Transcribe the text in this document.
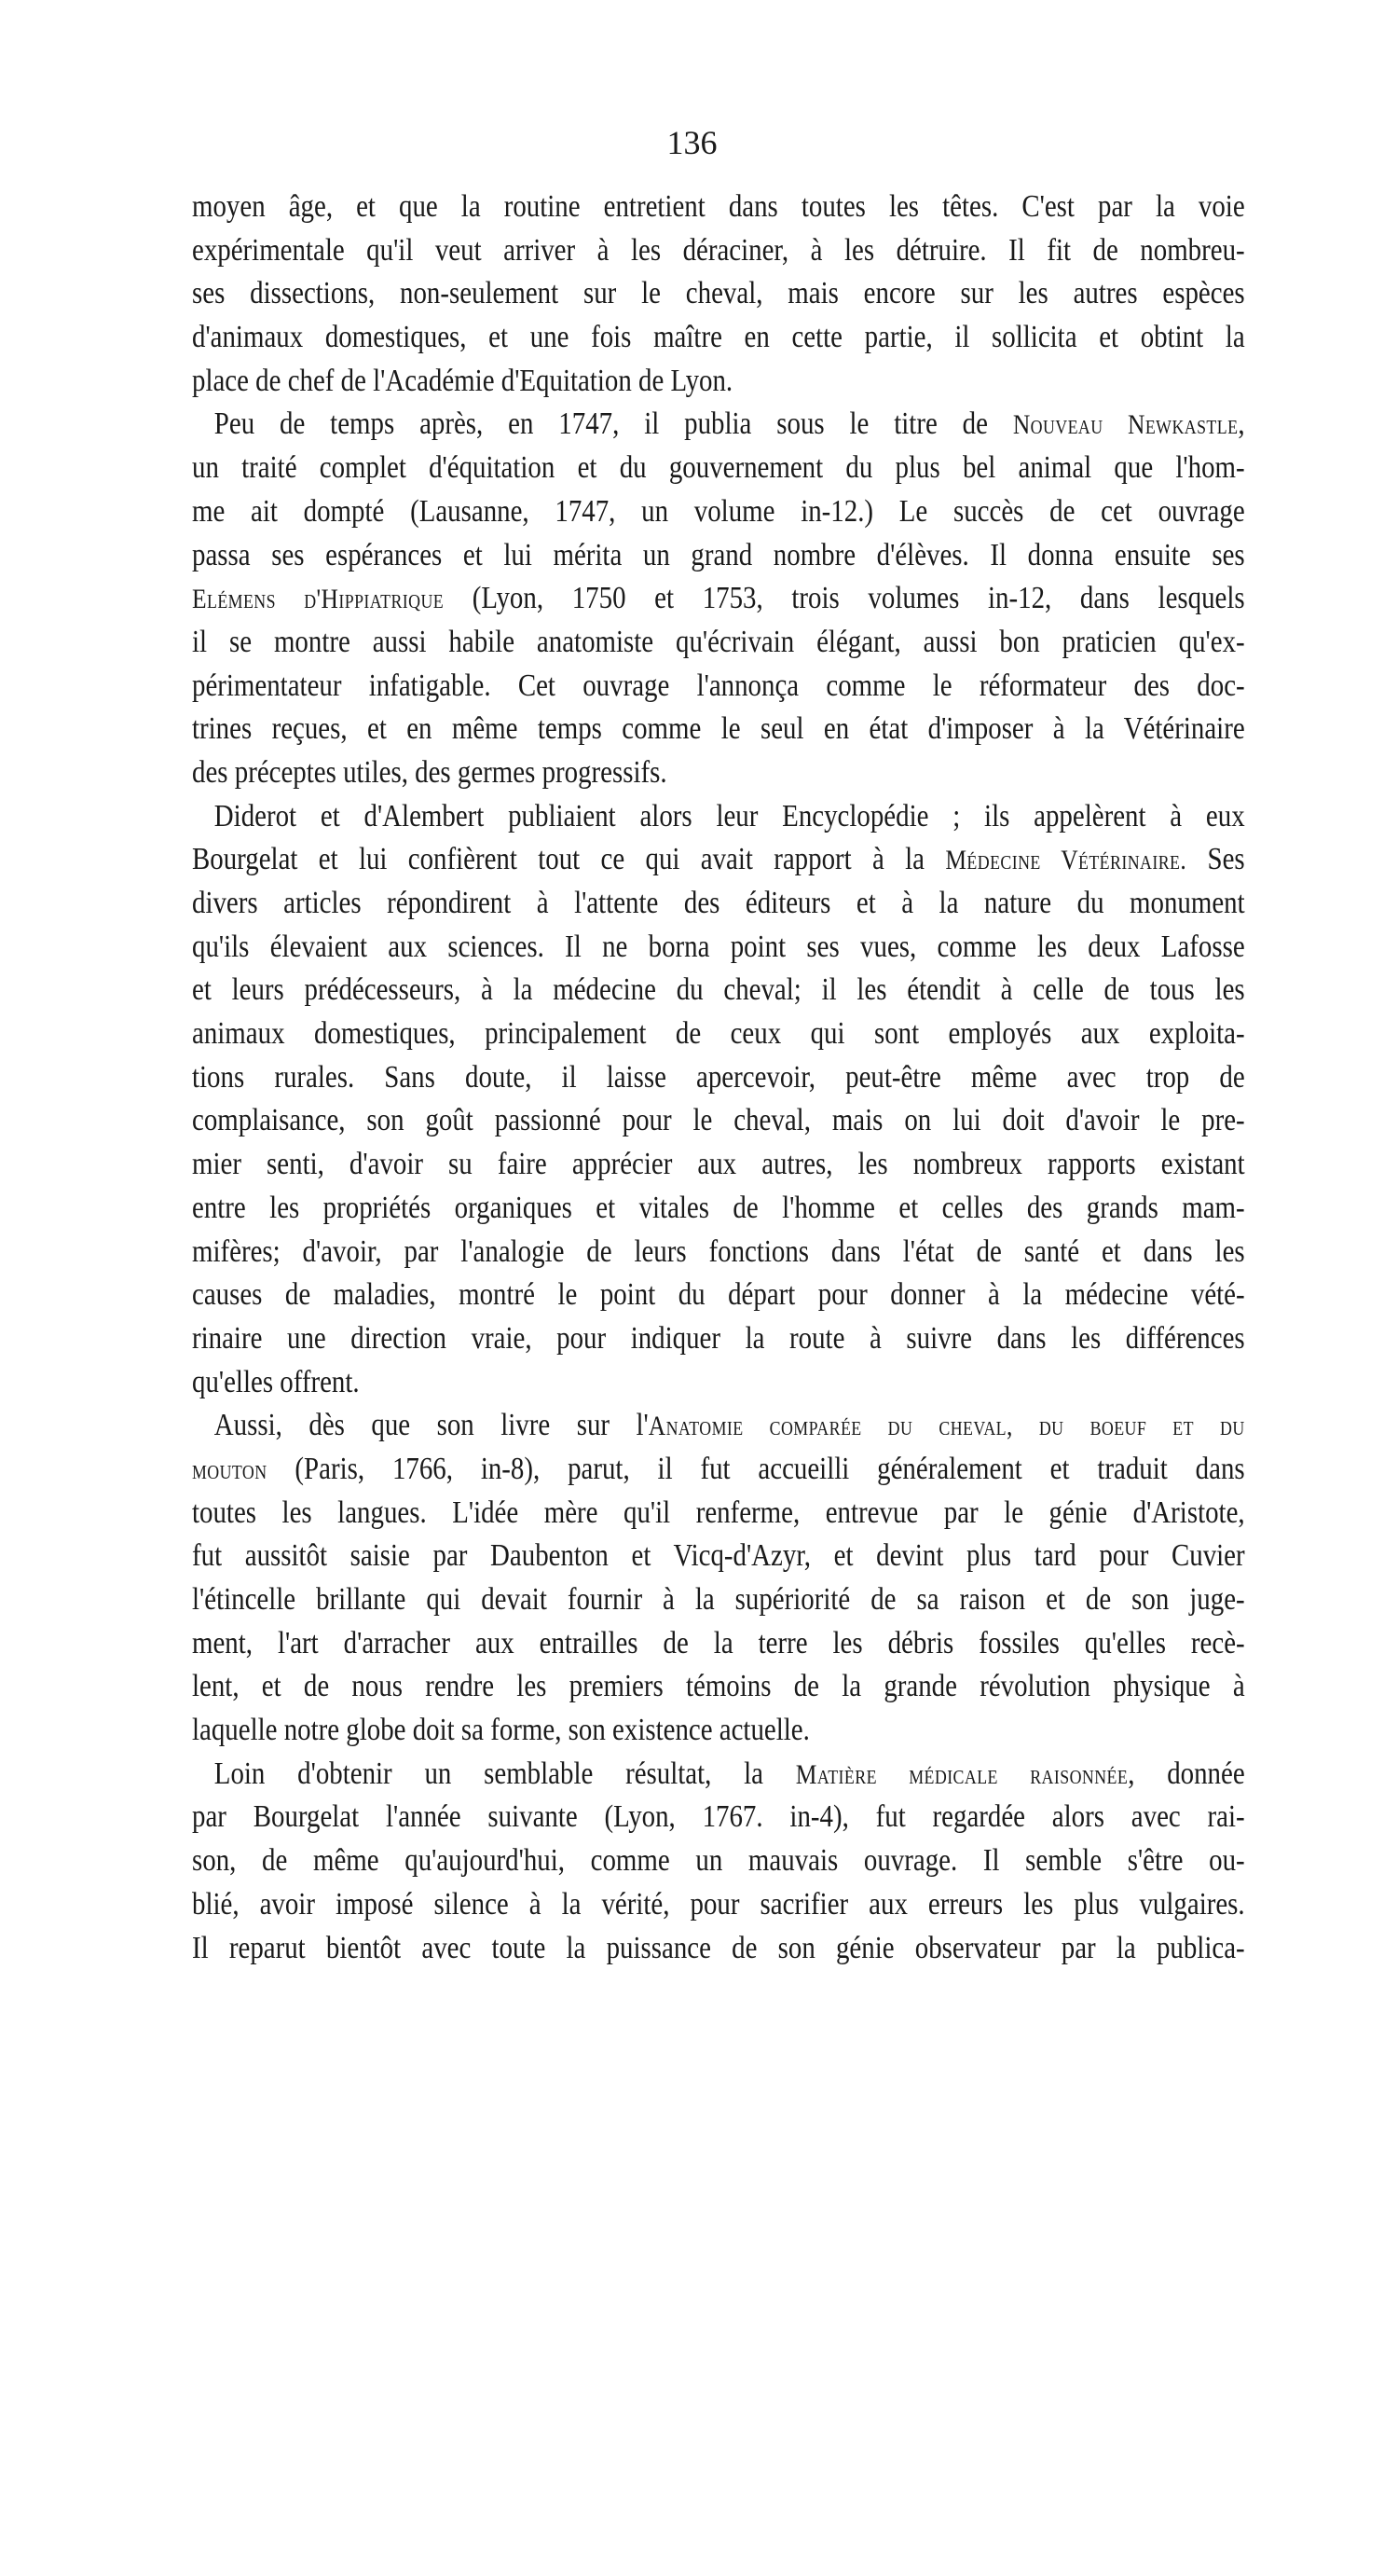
136
moyen âge, et que la routine entretient dans toutes les têtes. C'est par la voie
expérimentale qu'il veut arriver à les déraciner, à les détruire. Il fit de nombreu-
ses dissections, non-seulement sur le cheval, mais encore sur les autres espèces
d'animaux domestiques, et une fois maître en cette partie, il sollicita et obtint la
place de chef de l'Académie d'Equitation de Lyon.
Peu de temps après, en 1747, il publia sous le titre de Nouveau Newkastle,
un traité complet d'équitation et du gouvernement du plus bel animal que l'hom-
me ait dompté (Lausanne, 1747, un volume in-12.) Le succès de cet ouvrage
passa ses espérances et lui mérita un grand nombre d'élèves. Il donna ensuite ses
Elémens d'Hippiatrique (Lyon, 1750 et 1753, trois volumes in-12, dans lesquels
il se montre aussi habile anatomiste qu'écrivain élégant, aussi bon praticien qu'ex-
périmentateur infatigable. Cet ouvrage l'annonça comme le réformateur des doc-
trines reçues, et en même temps comme le seul en état d'imposer à la Vétérinaire
des préceptes utiles, des germes progressifs.
Diderot et d'Alembert publiaient alors leur Encyclopédie ; ils appelèrent à eux
Bourgelat et lui confièrent tout ce qui avait rapport à la Médecine Vétérinaire. Ses
divers articles répondirent à l'attente des éditeurs et à la nature du monument
qu'ils élevaient aux sciences. Il ne borna point ses vues, comme les deux Lafosse
et leurs prédécesseurs, à la médecine du cheval; il les étendit à celle de tous les
animaux domestiques, principalement de ceux qui sont employés aux exploita-
tions rurales. Sans doute, il laisse apercevoir, peut-être même avec trop de
complaisance, son goût passionné pour le cheval, mais on lui doit d'avoir le pre-
mier senti, d'avoir su faire apprécier aux autres, les nombreux rapports existant
entre les propriétés organiques et vitales de l'homme et celles des grands mam-
mifères; d'avoir, par l'analogie de leurs fonctions dans l'état de santé et dans les
causes de maladies, montré le point du départ pour donner à la médecine vété-
rinaire une direction vraie, pour indiquer la route à suivre dans les différences
qu'elles offrent.
Aussi, dès que son livre sur l'Anatomie comparée du cheval, du boeuf et du
mouton (Paris, 1766, in-8), parut, il fut accueilli généralement et traduit dans
toutes les langues. L'idée mère qu'il renferme, entrevue par le génie d'Aristote,
fut aussitôt saisie par Daubenton et Vicq-d'Azyr, et devint plus tard pour Cuvier
l'étincelle brillante qui devait fournir à la supériorité de sa raison et de son juge-
ment, l'art d'arracher aux entrailles de la terre les débris fossiles qu'elles recè-
lent, et de nous rendre les premiers témoins de la grande révolution physique à
laquelle notre globe doit sa forme, son existence actuelle.
Loin d'obtenir un semblable résultat, la Matière médicale raisonnée, donnée
par Bourgelat l'année suivante (Lyon, 1767. in-4), fut regardée alors avec rai-
son, de même qu'aujourd'hui, comme un mauvais ouvrage. Il semble s'être ou-
blié, avoir imposé silence à la vérité, pour sacrifier aux erreurs les plus vulgaires.
Il reparut bientôt avec toute la puissance de son génie observateur par la publica-
